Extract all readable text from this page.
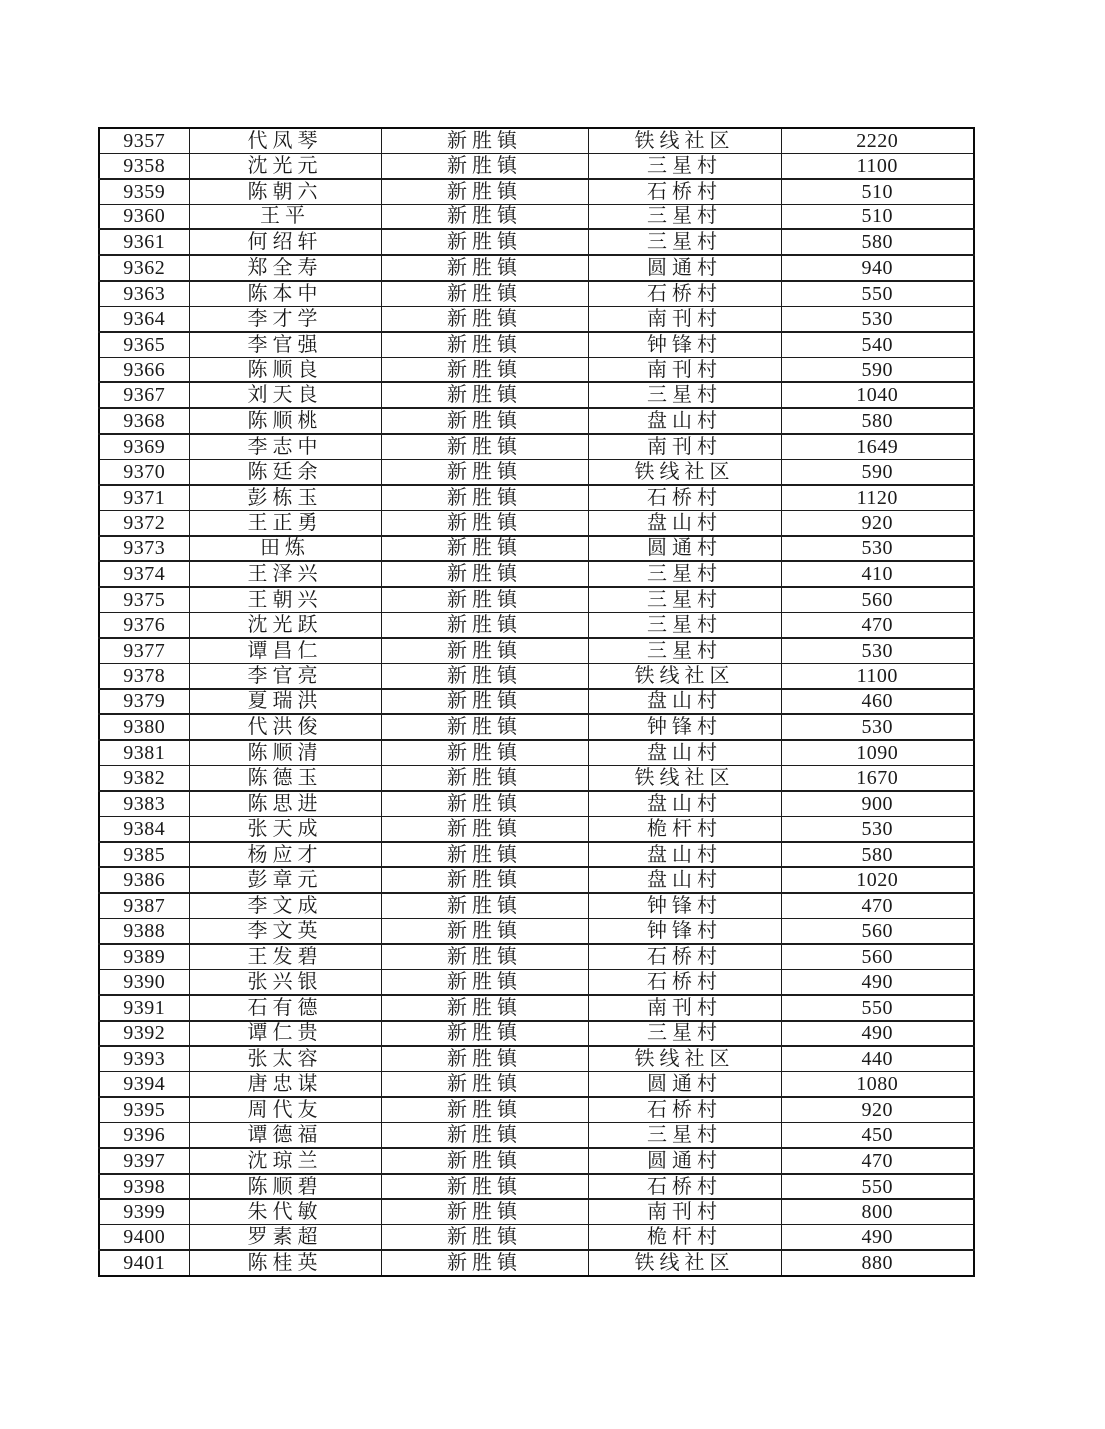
9357	代凤琴	新胜镇	铁线社区	2220
9358	沈光元	新胜镇	三星村	1100
9359	陈朝六	新胜镇	石桥村	510
9360	王平	新胜镇	三星村	510
9361	何绍轩	新胜镇	三星村	580
9362	郑全寿	新胜镇	圆通村	940
9363	陈本中	新胜镇	石桥村	550
9364	李才学	新胜镇	南刊村	530
9365	李官强	新胜镇	钟锋村	540
9366	陈顺良	新胜镇	南刊村	590
9367	刘天良	新胜镇	三星村	1040
9368	陈顺桃	新胜镇	盘山村	580
9369	李志中	新胜镇	南刊村	1649
9370	陈廷余	新胜镇	铁线社区	590
9371	彭栋玉	新胜镇	石桥村	1120
9372	王正勇	新胜镇	盘山村	920
9373	田炼	新胜镇	圆通村	530
9374	王泽兴	新胜镇	三星村	410
9375	王朝兴	新胜镇	三星村	560
9376	沈光跃	新胜镇	三星村	470
9377	谭昌仁	新胜镇	三星村	530
9378	李官亮	新胜镇	铁线社区	1100
9379	夏瑞洪	新胜镇	盘山村	460
9380	代洪俊	新胜镇	钟锋村	530
9381	陈顺清	新胜镇	盘山村	1090
9382	陈德玉	新胜镇	铁线社区	1670
9383	陈思进	新胜镇	盘山村	900
9384	张天成	新胜镇	桅杆村	530
9385	杨应才	新胜镇	盘山村	580
9386	彭章元	新胜镇	盘山村	1020
9387	李文成	新胜镇	钟锋村	470
9388	李文英	新胜镇	钟锋村	560
9389	王发碧	新胜镇	石桥村	560
9390	张兴银	新胜镇	石桥村	490
9391	石有德	新胜镇	南刊村	550
9392	谭仁贵	新胜镇	三星村	490
9393	张太容	新胜镇	铁线社区	440
9394	唐忠谋	新胜镇	圆通村	1080
9395	周代友	新胜镇	石桥村	920
9396	谭德福	新胜镇	三星村	450
9397	沈琼兰	新胜镇	圆通村	470
9398	陈顺碧	新胜镇	石桥村	550
9399	朱代敏	新胜镇	南刊村	800
9400	罗素超	新胜镇	桅杆村	490
9401	陈桂英	新胜镇	铁线社区	880
